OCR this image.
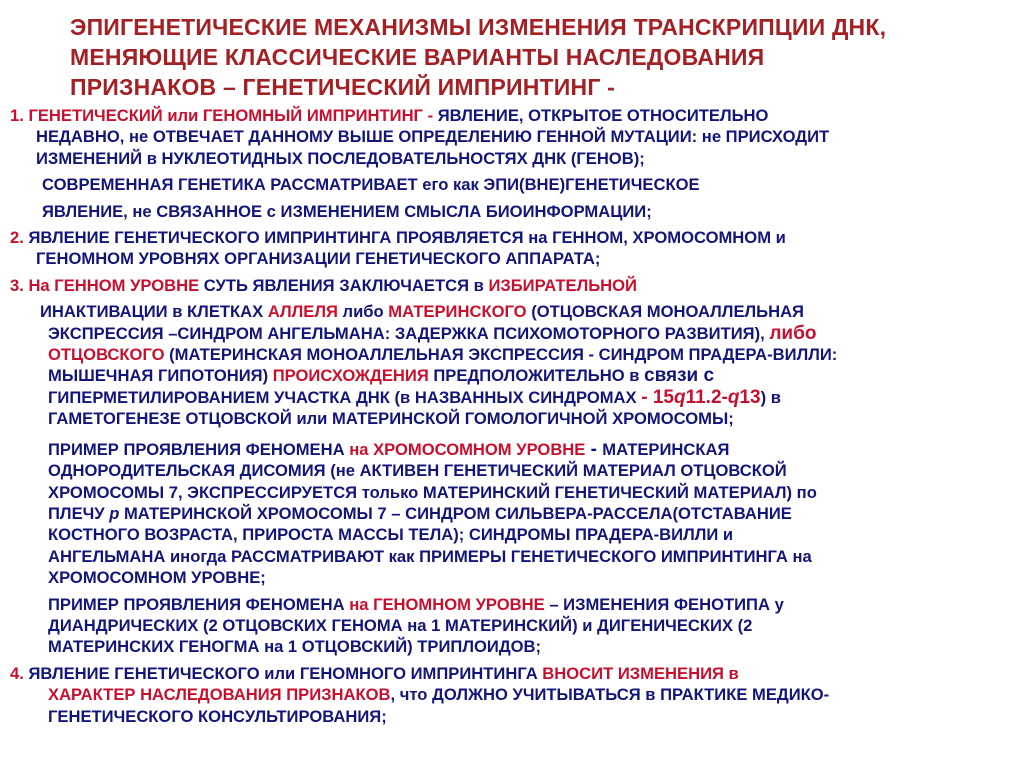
ЭПИГЕНЕТИЧЕСКИЕ МЕХАНИЗМЫ ИЗМЕНЕНИЯ ТРАНСКРИПЦИИ ДНК,
МЕНЯЮЩИЕ КЛАССИЧЕСКИЕ ВАРИАНТЫ НАСЛЕДОВАНИЯ
ПРИЗНАКОВ – ГЕНЕТИЧЕСКИЙ ИМПРИНТИНГ -
1. ГЕНЕТИЧЕСКИЙ или ГЕНОМНЫЙ ИМПРИНТИНГ - ЯВЛЕНИЕ, ОТКРЫТОЕ ОТНОСИТЕЛЬНО
НЕДАВНО, не ОТВЕЧАЕТ ДАННОМУ ВЫШЕ ОПРЕДЕЛЕНИЮ ГЕННОЙ МУТАЦИИ: не ПРИСХОДИТ
ИЗМЕНЕНИЙ в НУКЛЕОТИДНЫХ ПОСЛЕДОВАТЕЛЬНОСТЯХ ДНК (ГЕНОВ);
СОВРЕМЕННАЯ ГЕНЕТИКА РАССМАТРИВАЕТ его как ЭПИ(ВНЕ)ГЕНЕТИЧЕСКОЕ
ЯВЛЕНИЕ, не СВЯЗАННОЕ с ИЗМЕНЕНИЕМ СМЫСЛА БИОИНФОРМАЦИИ;
2. ЯВЛЕНИЕ ГЕНЕТИЧЕСКОГО ИМПРИНТИНГА ПРОЯВЛЯЕТСЯ на ГЕННОМ, ХРОМОСОМНОМ и
ГЕНОМНОМ УРОВНЯХ ОРГАНИЗАЦИИ ГЕНЕТИЧЕСКОГО АППАРАТА;
3. На ГЕННОМ УРОВНЕ СУТЬ ЯВЛЕНИЯ ЗАКЛЮЧАЕТСЯ в ИЗБИРАТЕЛЬНОЙ
ИНАКТИВАЦИИ в КЛЕТКАХ АЛЛЕЛЯ либо МАТЕРИНСКОГО (ОТЦОВСКАЯ МОНОАЛЛЕЛЬНАЯ
ЭКСПРЕССИЯ –СИНДРОМ АНГЕЛЬМАНА: ЗАДЕРЖКА ПСИХОМОТОРНОГО РАЗВИТИЯ), либо
ОТЦОВСКОГО (МАТЕРИНСКАЯ МОНОАЛЛЕЛЬНАЯ ЭКСПРЕССИЯ - СИНДРОМ ПРАДЕРА-ВИЛЛИ:
МЫШЕЧНАЯ ГИПОТОНИЯ) ПРОИСХОЖДЕНИЯ ПРЕДПОЛОЖИТЕЛЬНО в связи с
ГИПЕРМЕТИЛИРОВАНИЕМ УЧАСТКА ДНК (в НАЗВАННЫХ СИНДРОМАХ - 15q11.2-q13) в
ГАМЕТОГЕНЕЗЕ ОТЦОВСКОЙ или МАТЕРИНСКОЙ ГОМОЛОГИЧНОЙ ХРОМОСОМЫ;
ПРИМЕР ПРОЯВЛЕНИЯ ФЕНОМЕНА на ХРОМОСОМНОМ УРОВНЕ - МАТЕРИНСКАЯ
ОДНОРОДИТЕЛЬСКАЯ ДИСОМИЯ (не АКТИВЕН ГЕНЕТИЧЕСКИЙ МАТЕРИАЛ ОТЦОВСКОЙ
ХРОМОСОМЫ 7, ЭКСПРЕССИРУЕТСЯ только МАТЕРИНСКИЙ ГЕНЕТИЧЕСКИЙ МАТЕРИАЛ) по
ПЛЕЧУ р МАТЕРИНСКОЙ ХРОМОСОМЫ 7 – СИНДРОМ СИЛЬВЕРА-РАССЕЛА(ОТСТАВАНИЕ
КОСТНОГО ВОЗРАСТА, ПРИРОСТА МАССЫ ТЕЛА); СИНДРОМЫ ПРАДЕРА-ВИЛЛИ и
АНГЕЛЬМАНА иногда РАССМАТРИВАЮТ как ПРИМЕРЫ ГЕНЕТИЧЕСКОГО ИМПРИНТИНГА на
ХРОМОСОМНОМ УРОВНЕ;
ПРИМЕР ПРОЯВЛЕНИЯ ФЕНОМЕНА на ГЕНОМНОМ УРОВНЕ – ИЗМЕНЕНИЯ ФЕНОТИПА у
ДИАНДРИЧЕСКИХ (2 ОТЦОВСКИХ ГЕНОМА на 1 МАТЕРИНСКИЙ) и ДИГЕНИЧЕСКИХ (2
МАТЕРИНСКИХ ГЕНОГМА на 1 ОТЦОВСКИЙ) ТРИПЛОИДОВ;
4. ЯВЛЕНИЕ ГЕНЕТИЧЕСКОГО или ГЕНОМНОГО ИМПРИНТИНГА ВНОСИТ ИЗМЕНЕНИЯ в
ХАРАКТЕР НАСЛЕДОВАНИЯ ПРИЗНАКОВ, что ДОЛЖНО УЧИТЫВАТЬСЯ в ПРАКТИКЕ МЕДИКО-
ГЕНЕТИЧЕСКОГО КОНСУЛЬТИРОВАНИЯ;
